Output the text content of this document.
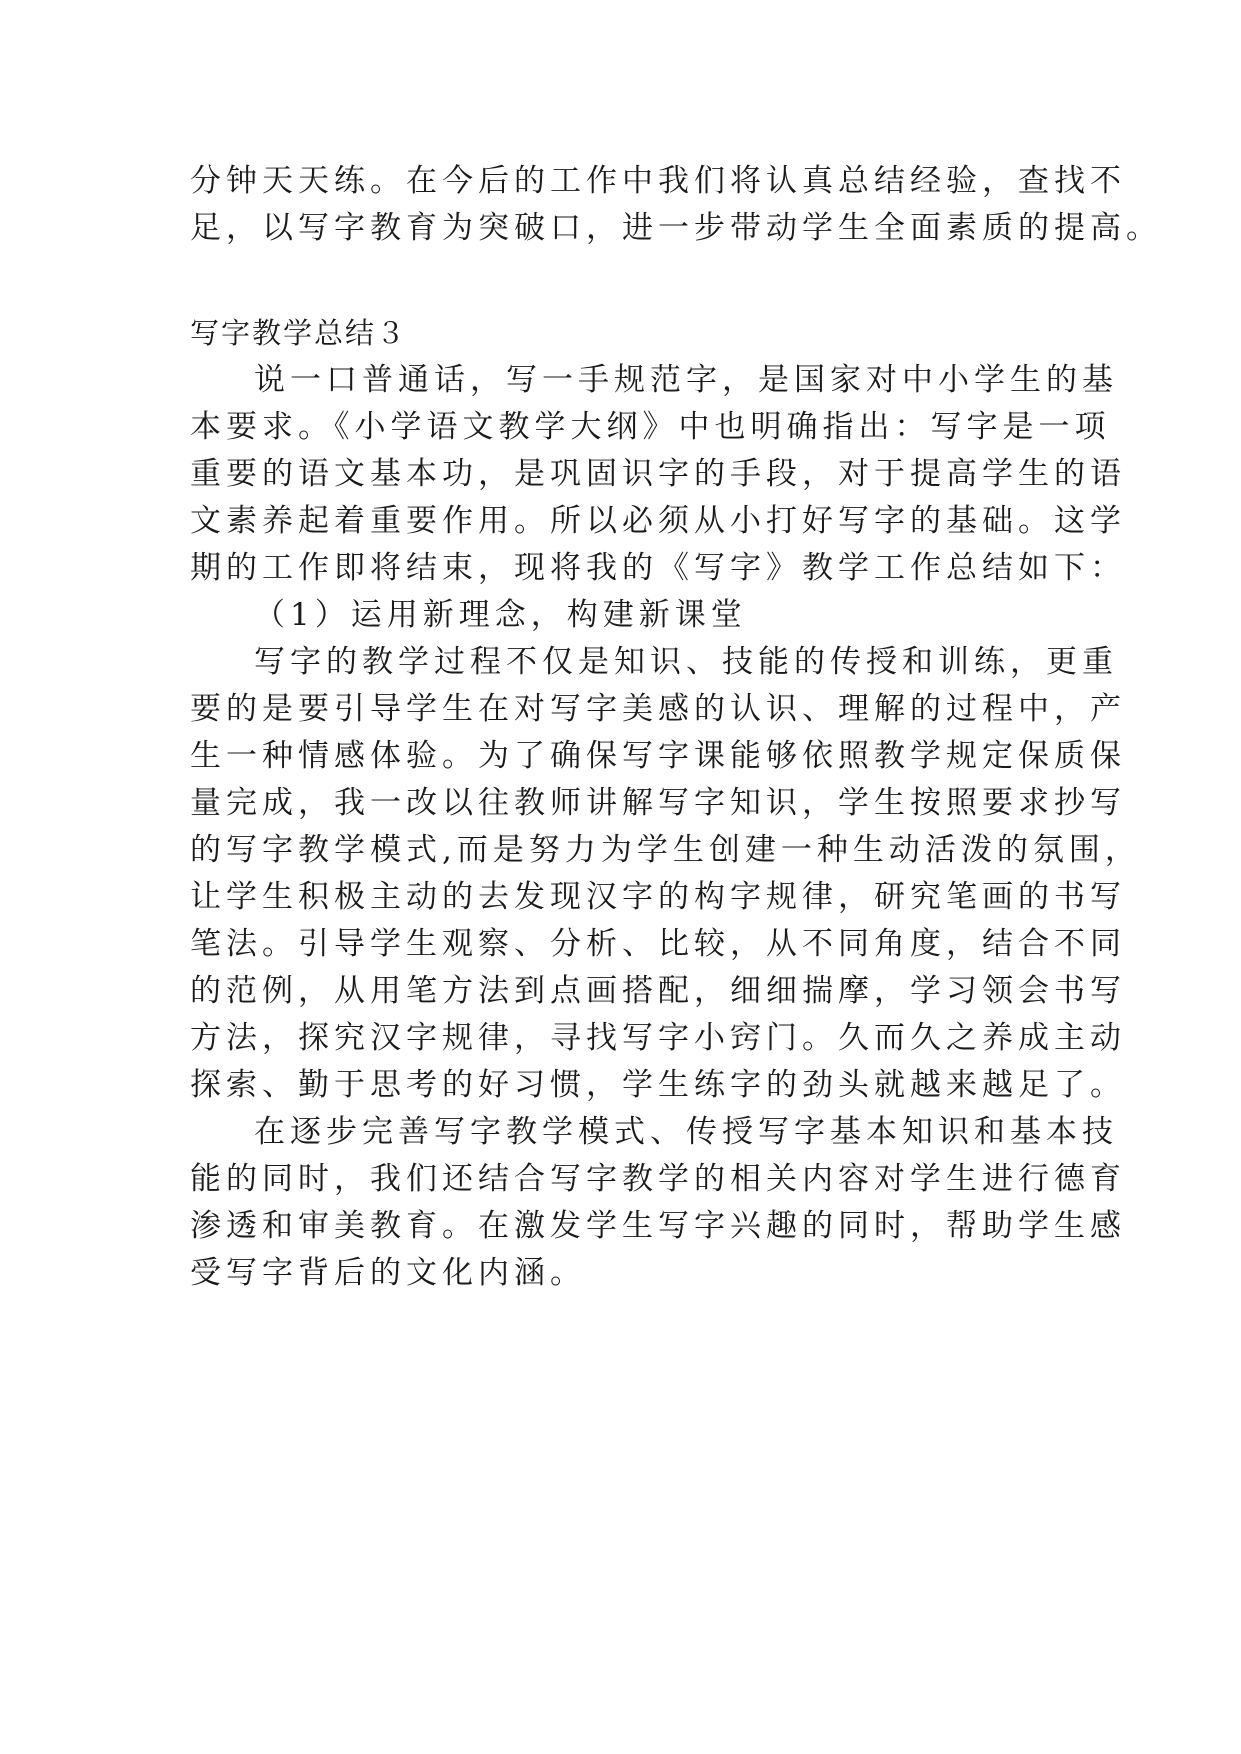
分钟天天练。在今后的工作中我们将认真总结经验，查找不
足，以写字教育为突破口，进一步带动学生全面素质的提高。
写字教学总结３
说一口普通话，写一手规范字，是国家对中小学生的基
本要求。《小学语文教学大纲》中也明确指出：写字是一项
重要的语文基本功，是巩固识字的手段，对于提高学生的语
文素养起着重要作用。所以必须从小打好写字的基础。这学
期的工作即将结束，现将我的《写字》教学工作总结如下：
（1）运用新理念，构建新课堂
写字的教学过程不仅是知识、技能的传授和训练，更重
要的是要引导学生在对写字美感的认识、理解的过程中，产
生一种情感体验。为了确保写字课能够依照教学规定保质保
量完成，我一改以往教师讲解写字知识，学生按照要求抄写
的写字教学模式,而是努力为学生创建一种生动活泼的氛围，
让学生积极主动的去发现汉字的构字规律，研究笔画的书写
笔法。引导学生观察、分析、比较，从不同角度，结合不同
的范例，从用笔方法到点画搭配，细细揣摩，学习领会书写
方法，探究汉字规律，寻找写字小窍门。久而久之养成主动
探索、勤于思考的好习惯，学生练字的劲头就越来越足了。
在逐步完善写字教学模式、传授写字基本知识和基本技
能的同时，我们还结合写字教学的相关内容对学生进行德育
渗透和审美教育。在激发学生写字兴趣的同时，帮助学生感
受写字背后的文化内涵。
